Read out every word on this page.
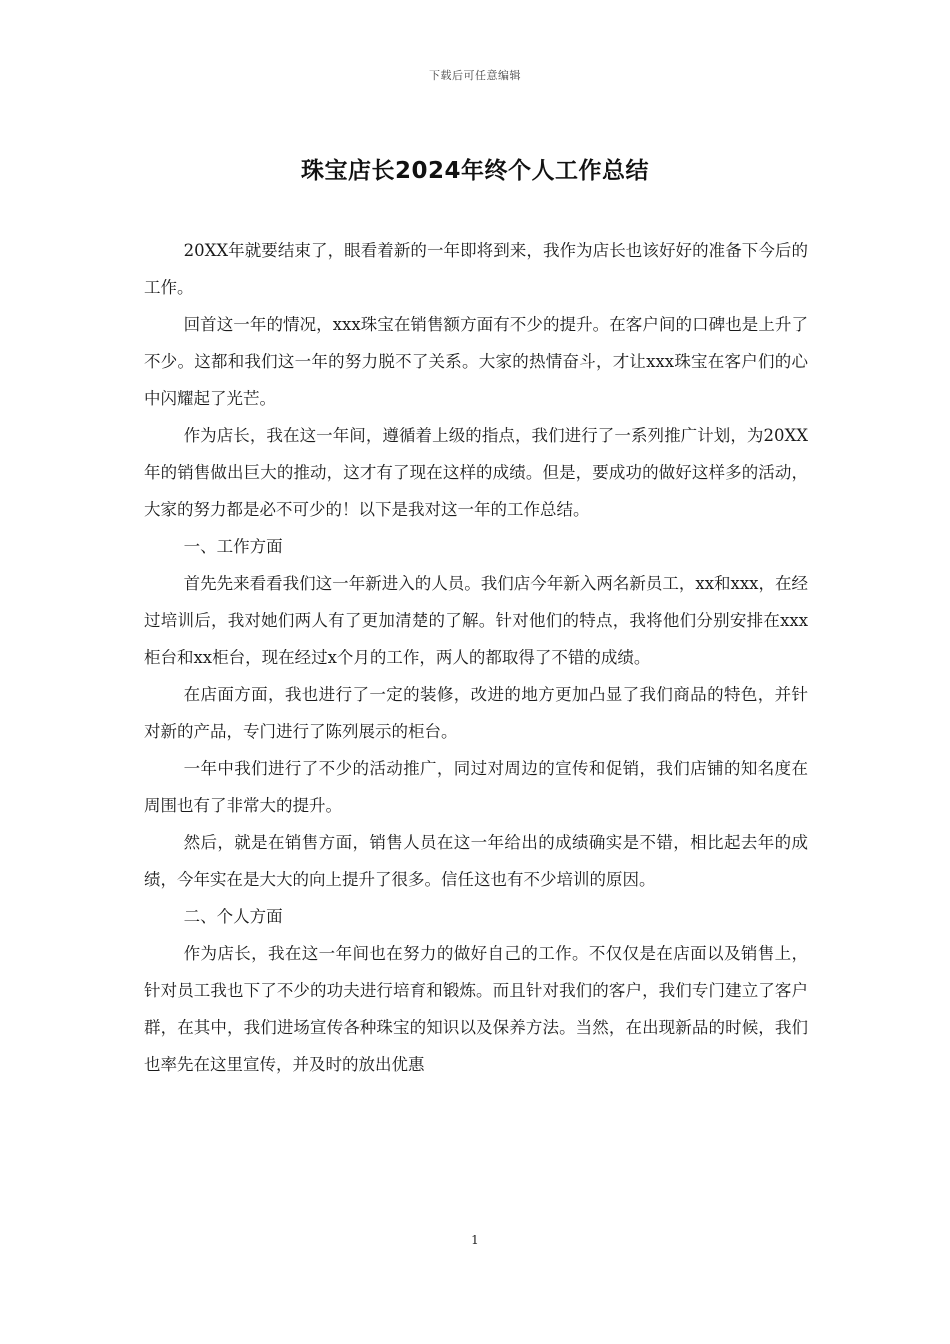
下载后可任意编辑
珠宝店长2024年终个人工作总结

20XX年就要结束了，眼看着新的一年即将到来，我作为店长也该好好的准备下今后的工作。

回首这一年的情况，xxx珠宝在销售额方面有不少的提升。在客户间的口碑也是上升了不少。这都和我们这一年的努力脱不了关系。大家的热情奋斗，才让xxx珠宝在客户们的心中闪耀起了光芒。

作为店长，我在这一年间，遵循着上级的指点，我们进行了一系列推广计划，为20XX年的销售做出巨大的推动，这才有了现在这样的成绩。但是，要成功的做好这样多的活动，大家的努力都是必不可少的！以下是我对这一年的工作总结。

一、工作方面

首先先来看看我们这一年新进入的人员。我们店今年新入两名新员工，xx和xxx，在经过培训后，我对她们两人有了更加清楚的了解。针对他们的特点，我将他们分别安排在xxx柜台和xx柜台，现在经过x个月的工作，两人的都取得了不错的成绩。

在店面方面，我也进行了一定的装修，改进的地方更加凸显了我们商品的特色，并针对新的产品，专门进行了陈列展示的柜台。

一年中我们进行了不少的活动推广，同过对周边的宣传和促销，我们店铺的知名度在周围也有了非常大的提升。

然后，就是在销售方面，销售人员在这一年给出的成绩确实是不错，相比起去年的成绩，今年实在是大大的向上提升了很多。信任这也有不少培训的原因。

二、个人方面

作为店长，我在这一年间也在努力的做好自己的工作。不仅仅是在店面以及销售上，针对员工我也下了不少的功夫进行培育和锻炼。而且针对我们的客户，我们专门建立了客户群，在其中，我们进场宣传各种珠宝的知识以及保养方法。当然，在出现新品的时候，我们也率先在这里宣传，并及时的放出优惠

1
